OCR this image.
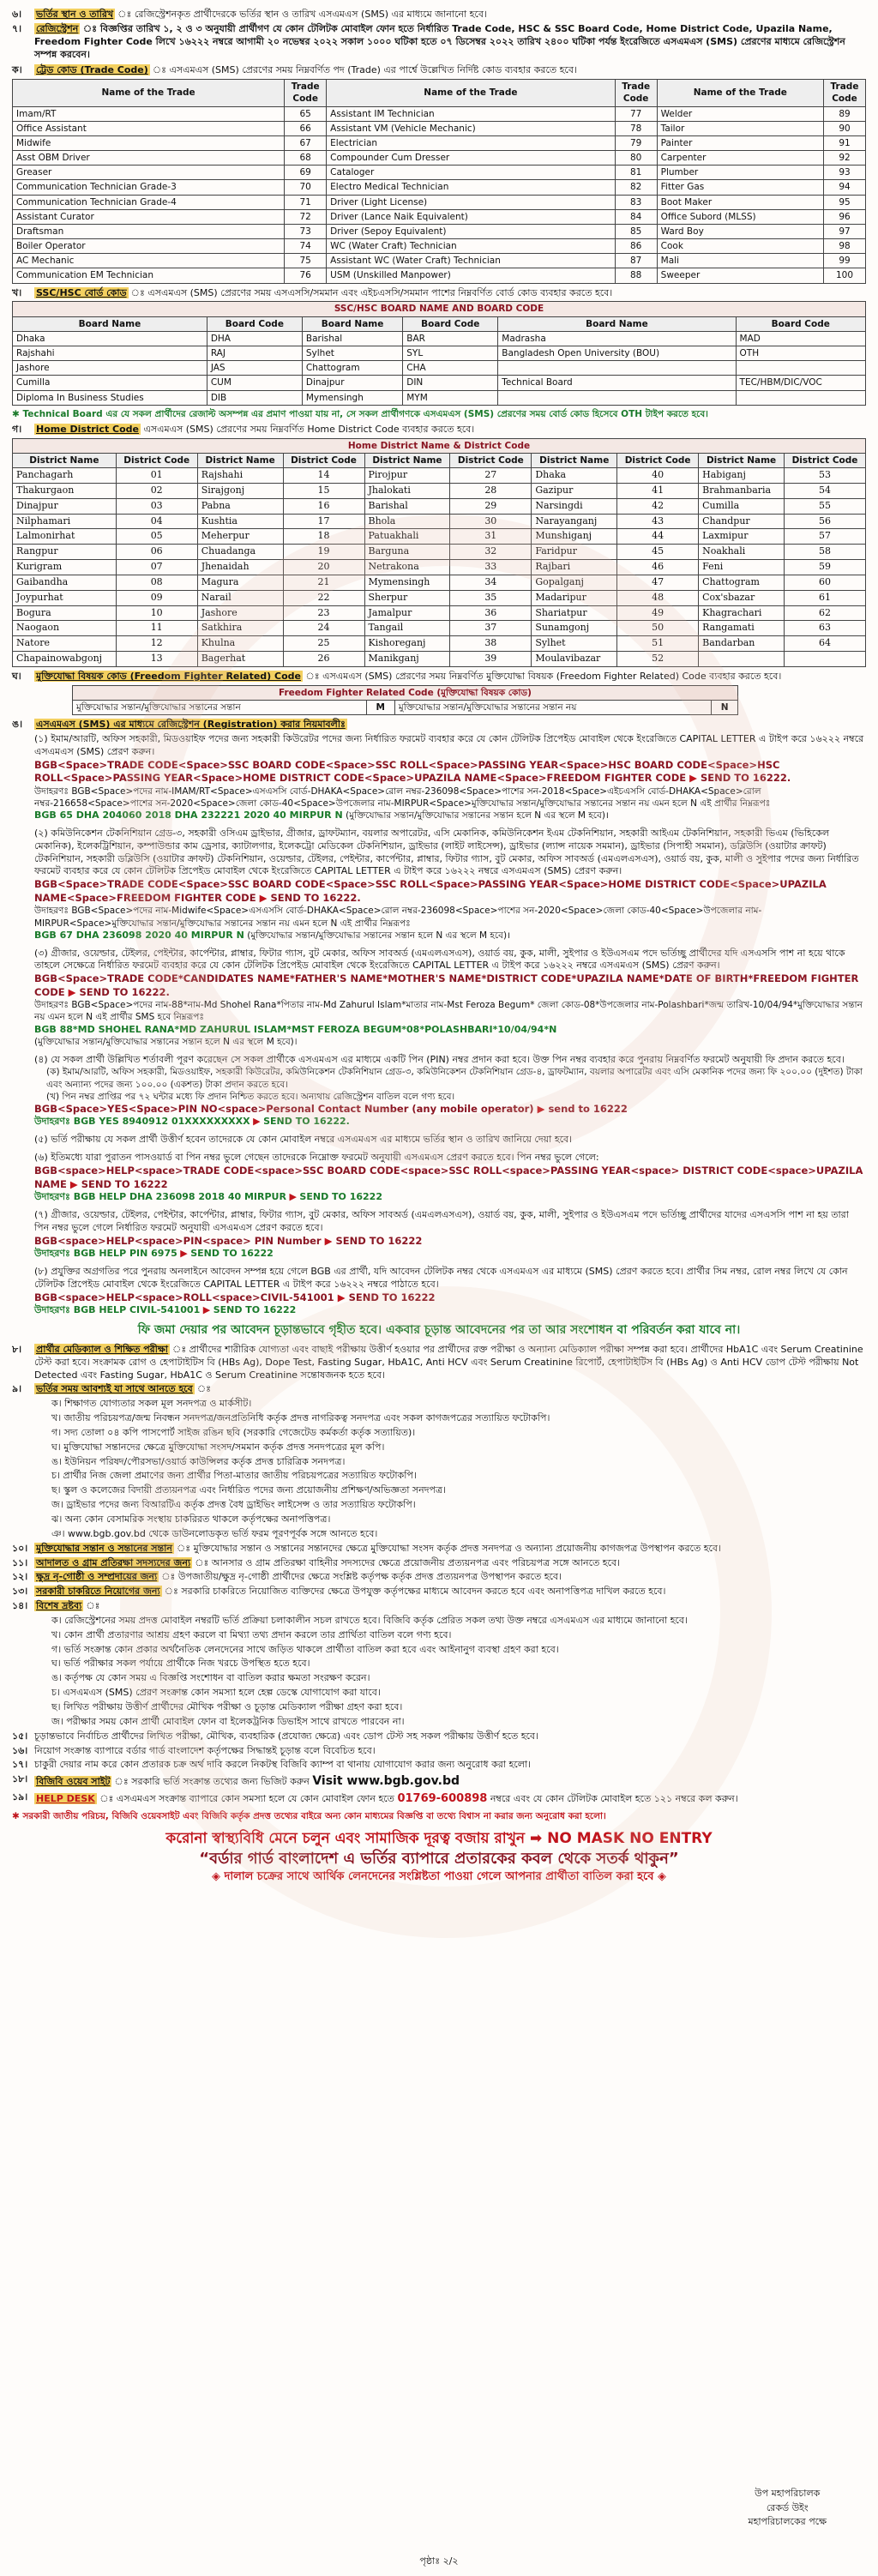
৬।	ভর্তির স্থান ও তারিখ ঃ রেজিস্ট্রেশনকৃত প্রার্থীদেরকে ভর্তির স্থান ও তারিখ এসএমএস (SMS) এর মাধ্যমে জানানো হবে।
৭।	রেজিস্ট্রেশন ঃ বিজ্ঞপ্তির তারিখ ১, ২ ও ৩ অনুযায়ী প্রার্থীগণ যে কোন টেলিটক মোবাইল ফোন হতে নির্ধারিত Trade Code, HSC & SSC Board Code, Home District Code, Upazila Name, Freedom Fighter Code লিখে ১৬২২২ নম্বরে আগামী ২০ নভেম্বর ২০২২ সকাল ১০০০ ঘটিকা হতে ০৭ ডিসেম্বর ২০২২ তারিখ ২৪০০ ঘটিকা পর্যন্ত ইংরেজিতে এসএমএস (SMS) প্রেরণের মাধ্যমে রেজিস্ট্রেশন সম্পন্ন করবেন।
ক।	ট্রেড কোড (Trade Code) ঃ এসএমএস (SMS) প্রেরণের সময় নিম্নবর্ণিত পদ (Trade) এর পার্শ্বে উল্লেখিত নির্দিষ্ট কোড ব্যবহার করতে হবে।
Name of the Trade	Trade Code	Name of the Trade	Trade Code	Name of the Trade	Trade Code
Imam/RT	65	Assistant IM Technician	77	Welder	89
Office Assistant	66	Assistant VM (Vehicle Mechanic)	78	Tailor	90
Midwife	67	Electrician	79	Painter	91
Asst OBM Driver	68	Compounder Cum Dresser	80	Carpenter	92
Greaser	69	Cataloger	81	Plumber	93
Communication Technician Grade-3	70	Electro Medical Technician	82	Fitter Gas	94
Communication Technician Grade-4	71	Driver (Light License)	83	Boot Maker	95
Assistant Curator	72	Driver (Lance Naik Equivalent)	84	Office Subord (MLSS)	96
Draftsman	73	Driver (Sepoy Equivalent)	85	Ward Boy	97
Boiler Operator	74	WC (Water Craft) Technician	86	Cook	98
AC Mechanic	75	Assistant WC (Water Craft) Technician	87	Mali	99
Communication EM Technician	76	USM (Unskilled Manpower)	88	Sweeper	100
খ।	SSC/HSC বোর্ড কোড ঃ এসএমএস (SMS) প্রেরণের সময় এসএসসি/সমমান এবং এইচএসসি/সমমান পাশের নিম্নবর্ণিত বোর্ড কোড ব্যবহার করতে হবে।
SSC/HSC BOARD NAME AND BOARD CODE					
Board Name	Board Code	Board Name	Board Code	Board Name	Board Code
Dhaka	DHA	Barishal	BAR	Madrasha	MAD
Rajshahi	RAJ	Sylhet	SYL	Bangladesh Open University (BOU)	OTH
Jashore	JAS	Chattogram	CHA		
Cumilla	CUM	Dinajpur	DIN	Technical Board	TEC/HBM/DIC/VOC
Diploma In Business Studies	DIB	Mymensingh	MYM		
✱ Technical Board এর যে সকল প্রার্থীদের রেজাল্ট অসম্পন্ন এর প্রমাণ পাওয়া যায় না, সে সকল প্রার্থীগণকে এসএমএস (SMS) প্রেরণের সময় বোর্ড কোড হিসেবে OTH টাইপ করতে হবে।
গ।	Home District Code এসএমএস (SMS) প্রেরণের সময় নিম্নবর্ণিত Home District Code ব্যবহার করতে হবে।
Home District Name & District Code									
District Name	District Code	District Name	District Code	District Name	District Code	District Name	District Code	District Name	District Code
Panchagarh	01	Rajshahi	14	Pirojpur	27	Dhaka	40	Habiganj	53
Thakurgaon	02	Sirajgonj	15	Jhalokati	28	Gazipur	41	Brahmanbaria	54
Dinajpur	03	Pabna	16	Barishal	29	Narsingdi	42	Cumilla	55
Nilphamari	04	Kushtia	17	Bhola	30	Narayanganj	43	Chandpur	56
Lalmonirhat	05	Meherpur	18	Patuakhali	31	Munshiganj	44	Laxmipur	57
Rangpur	06	Chuadanga	19	Barguna	32	Faridpur	45	Noakhali	58
Kurigram	07	Jhenaidah	20	Netrakona	33	Rajbari	46	Feni	59
Gaibandha	08	Magura	21	Mymensingh	34	Gopalganj	47	Chattogram	60
Joypurhat	09	Narail	22	Sherpur	35	Madaripur	48	Cox'sbazar	61
Bogura	10	Jashore	23	Jamalpur	36	Shariatpur	49	Khagrachari	62
Naogaon	11	Satkhira	24	Tangail	37	Sunamgonj	50	Rangamati	63
Natore	12	Khulna	25	Kishoreganj	38	Sylhet	51	Bandarban	64
Chapainowabgonj	13	Bagerhat	26	Manikganj	39	Moulavibazar	52		
ঘ।	মুক্তিযোদ্ধা বিষয়ক কোড (Freedom Fighter Related) Code ঃ এসএমএস (SMS) প্রেরণের সময় নিম্নবর্ণিত মুক্তিযোদ্ধা বিষয়ক (Freedom Fighter Related) Code ব্যবহার করতে হবে।
Freedom Fighter Related Code (মুক্তিযোদ্ধা বিষয়ক কোড)
মুক্তিযোদ্ধার সন্তান/মুক্তিযোদ্ধার সন্তানের সন্তান	M	মুক্তিযোদ্ধার সন্তান/মুক্তিযোদ্ধার সন্তানের সন্তান নয়	N
ঙ।	এসএমএস (SMS) এর মাধ্যমে রেজিস্ট্রেশন (Registration) করার নিয়মাবলীঃ
(১) ইমাম/আরটি, অফিস সহকারী, মিডওয়াইফ পদের জন্য সহকারী কিউরেটর পদের জন্য নির্ধারিত ফরমেট ব্যবহার করে যে কোন টেলিটক প্রিপেইড মোবাইল থেকে ইংরেজিতে CAPITAL LETTER এ টাইপ করে ১৬২২২ নম্বরে এসএমএস (SMS) প্রেরণ করুন।
BGB<Space>TRADE CODE<Space>SSC BOARD CODE<Space>SSC ROLL<Space>PASSING YEAR<Space>HSC BOARD CODE<Space>HSC ROLL<Space>PASSING YEAR<Space>HOME DISTRICT CODE<Space>UPAZILA NAME<Space>FREEDOM FIGHTER CODE ▶ SEND TO 16222.
উদাহরণঃ BGB<Space>পদের নাম-IMAM/RT<Space>এসএসসি বোর্ড-DHAKA<Space>রোল নম্বর-236098<Space>পাশের সন-2018<Space>এইচএসসি বোর্ড-DHAKA<Space>রোল নম্বর-216658<Space>পাশের সন-2020<Space>জেলা কোড-40<Space>উপজেলার নাম-MIRPUR<Space>মুক্তিযোদ্ধার সন্তান/মুক্তিযোদ্ধার সন্তানের সন্তান নয় এমন হলে N এই প্রার্থীর নিম্নরূপঃ
BGB 65 DHA 204060 2018 DHA 232221 2020 40 MIRPUR N (মুক্তিযোদ্ধার সন্তান/মুক্তিযোদ্ধার সন্তানের সন্তান হলে N এর স্থলে M হবে)।
(২) কমিউনিকেশন টেকনিশিয়ান গ্রেড-৩, সহকারী ওসিএম ড্রাইভার, গ্রীজার, ড্রাফটম্যান, বয়লার অপারেটর, এসি মেকানিক, কমিউনিকেশন ইএম টেকনিশিয়ান, সহকারী আইএম টেকনিশিয়ান, সহকারী ভিএম (ভিহিকেল মেকানিক), ইলেকট্রিশিয়ান, কম্পাউন্ডার কাম ড্রেসার, ক্যাটালগার, ইলেকট্রো মেডিকেল টেকনিশিয়ান, ড্রাইভার (লাইট লাইসেন্স), ড্রাইভার (ল্যান্স নায়েক সমমান), ড্রাইভার (সিপাহী সমমান), ডব্লিউসি (ওয়াটার ক্রাফট) টেকনিশিয়ান, সহকারী ডব্লিউসি (ওয়াটার ক্রাফট) টেকনিশিয়ান, ওয়েল্ডার, টেইলর, পেইন্টার, কার্পেন্টার, প্লাম্বার, ফিটার গ্যাস, বুট মেকার, অফিস সাবঅর্ড (এমএলএসএস), ওয়ার্ড বয়, কুক, মালী ও সুইপার পদের জন্য নির্ধারিত ফরমেট ব্যবহার করে যে কোন টেলিটক প্রিপেইড মোবাইল থেকে ইংরেজিতে CAPITAL LETTER এ টাইপ করে ১৬২২২ নম্বরে এসএমএস (SMS) প্রেরণ করুন।
BGB<Space>TRADE CODE<Space>SSC BOARD CODE<Space>SSC ROLL<Space>PASSING YEAR<Space>HOME DISTRICT CODE<Space>UPAZILA NAME<Space>FREEDOM FIGHTER CODE ▶ SEND TO 16222.
উদাহরণঃ BGB<Space>পদের নাম-Midwife<Space>এসএসসি বোর্ড-DHAKA<Space>রোল নম্বর-236098<Space>পাশের সন-2020<Space>জেলা কোড-40<Space>উপজেলার নাম-MIRPUR<Space>মুক্তিযোদ্ধার সন্তান/মুক্তিযোদ্ধার সন্তানের সন্তান নয় এমন হলে N এই প্রার্থীর নিম্নরূপঃ
BGB 67 DHA 236098 2020 40 MIRPUR N (মুক্তিযোদ্ধার সন্তান/মুক্তিযোদ্ধার সন্তানের সন্তান হলে N এর স্থলে M হবে)।
(৩) গ্রীজার, ওয়েল্ডার, টেইলর, পেইন্টার, কার্পেন্টার, প্লাম্বার, ফিটার গ্যাস, বুট মেকার, অফিস সাবঅর্ড (এমএলএসএস), ওয়ার্ড বয়, কুক, মালী, সুইপার ও ইউএসএম পদে ভর্তিচ্ছু প্রার্থীদের যদি এসএসসি পাশ না হয়ে থাকে তাহলে সেক্ষেত্রে নির্ধারিত ফরমেট ব্যবহার করে যে কোন টেলিটক প্রিপেইড মোবাইল থেকে ইংরেজিতে CAPITAL LETTER এ টাইপ করে ১৬২২২ নম্বরে এসএমএস (SMS) প্রেরণ করুন।
BGB<Space>TRADE CODE*CANDIDATES NAME*FATHER'S NAME*MOTHER'S NAME*DISTRICT CODE*UPAZILA NAME*DATE OF BIRTH*FREEDOM FIGHTER CODE ▶ SEND TO 16222.
উদাহরণঃ BGB<Space>পদের নাম-88*নাম-Md Shohel Rana*পিতার নাম-Md Zahurul Islam*মাতার নাম-Mst Feroza Begum* জেলা কোড-08*উপজেলার নাম-Polashbari*জন্ম তারিখ-10/04/94*মুক্তিযোদ্ধার সন্তান নয় এমন হলে N এই প্রার্থীর SMS হবে নিম্নরূপঃ
BGB 88*MD SHOHEL RANA*MD ZAHURUL ISLAM*MST FEROZA BEGUM*08*POLASHBARI*10/04/94*N
(মুক্তিযোদ্ধার সন্তান/মুক্তিযোদ্ধার সন্তানের সন্তান হলে N এর স্থলে M হবে)।
(৪) যে সকল প্রার্থী উল্লিখিত শর্তাবলী পূরণ করেছেন সে সকল প্রার্থীকে এসএমএস এর মাধ্যমে একটি পিন (PIN) নম্বর প্রদান করা হবে। উক্ত পিন নম্বর ব্যবহার করে পুনরায় নিম্নবর্ণিত ফরমেট অনুযায়ী ফি প্রদান করতে হবে।
(ক) ইমাম/আরটি, অফিস সহকারী, মিডওয়াইফ, সহকারী কিউরেটর, কমিউনিকেশন টেকনিশিয়ান গ্রেড-৩, কমিউনিকেশন টেকনিশিয়ান গ্রেড-৪, ড্রাফটম্যান, বয়লার অপারেটর এবং এসি মেকানিক পদের জন্য ফি ২০০.০০ (দুইশত) টাকা এবং অন্যান্য পদের জন্য ১০০.০০ (একশত) টাকা প্রদান করতে হবে।
(খ) পিন নম্বর প্রাপ্তির পর ৭২ ঘন্টার মধ্যে ফি প্রদান নিশ্চিত করতে হবে। অন্যথায় রেজিস্ট্রেশন বাতিল বলে গণ্য হবে।
BGB<Space>YES<Space>PIN NO<space>Personal Contact Number (any mobile operator) ▶ send to 16222
উদাহরণঃ BGB YES 8940912 01XXXXXXXXX ▶ SEND TO 16222.
(৫) ভর্তি পরীক্ষায় যে সকল প্রার্থী উত্তীর্ণ হবেন তাদেরকে যে কোন মোবাইল নম্বরে এসএমএস এর মাধ্যমে ভর্তির স্থান ও তারিখ জানিয়ে দেয়া হবে।
(৬) ইতিমধ্যে যারা পুরাতন পাসওয়ার্ড বা পিন নম্বর ভুলে গেছেন তাদেরকে নিম্নোক্ত ফরমেট অনুযায়ী এসএমএস প্রেরণ করতে হবে। পিন নম্বর ভুলে গেলে:
BGB<space>HELP<space>TRADE CODE<space>SSC BOARD CODE<space>SSC ROLL<space>PASSING YEAR<space> DISTRICT CODE<space>UPAZILA NAME ▶ SEND TO 16222
উদাহরণঃ BGB HELP DHA 236098 2018 40 MIRPUR ▶ SEND TO 16222
(৭) গ্রীজার, ওয়েল্ডার, টেইলর, পেইন্টার, কার্পেন্টার, প্লাম্বার, ফিটার গ্যাস, বুট মেকার, অফিস সাবঅর্ড (এমএলএসএস), ওয়ার্ড বয়, কুক, মালী, সুইপার ও ইউএসএম পদে ভর্তিচ্ছু প্রার্থীদের যাদের এসএসসি পাশ না হয় তারা পিন নম্বর ভুলে গেলে নির্ধারিত ফরমেট অনুযায়ী এসএমএস প্রেরণ করতে হবে।
BGB<space>HELP<space>PIN<space> PIN Number ▶ SEND TO 16222
উদাহরণঃ BGB HELP PIN 6975 ▶ SEND TO 16222
(৮) প্রযুক্তির অগ্রগতির পরে পুনরায় অনলাইনে আবেদন সম্পন্ন হয়ে গেলে BGB এর প্রার্থী, যদি আবেদন টেলিটক নম্বর থেকে এসএমএস এর মাধ্যমে (SMS) প্রেরণ করতে হবে। প্রার্থীর সিম নম্বর, রোল নম্বর লিখে যে কোন টেলিটক প্রিপেইড মোবাইল থেকে ইংরেজিতে CAPITAL LETTER এ টাইপ করে ১৬২২২ নম্বরে পাঠাতে হবে।
BGB<space>HELP<space>ROLL<space>CIVIL-541001 ▶ SEND TO 16222
উদাহরণঃ BGB HELP CIVIL-541001 ▶ SEND TO 16222
ফি জমা দেয়ার পর আবেদন চূড়ান্তভাবে গৃহীত হবে। একবার চূড়ান্ত আবেদনের পর তা আর সংশোধন বা পরিবর্তন করা যাবে না।
৮।	প্রার্থীর মেডিক্যাল ও শিক্ষিত পরীক্ষা ঃ প্রার্থীদের শারীরিক যোগ্যতা এবং বাছাই পরীক্ষায় উত্তীর্ণ হওয়ার পর প্রার্থীদের রক্ত পরীক্ষা ও অন্যান্য মেডিক্যাল পরীক্ষা সম্পন্ন করা হবে। প্রার্থীদের HbA1C এবং Serum Creatinine টেস্ট করা হবে। সংক্রামক রোগ ও হেপাটাইটিস বি (HBs Ag), Dope Test, Fasting Sugar, HbA1C, Anti HCV এবং Serum Creatinine রিপোর্ট, হেপাটাইটিস বি (HBs Ag) ও Anti HCV ডোপ টেস্ট পরীক্ষায় Not Detected এবং Fasting Sugar, HbA1C ও Serum Creatinine সন্তোষজনক হতে হবে।
৯।	ভর্তির সময় আবশ্যই যা সাথে আনতে হবে
ক। শিক্ষাগত যোগ্যতার সকল মূল সনদপত্র ও মার্কসীট।
খ। জাতীয় পরিচয়পত্র/জন্ম নিবন্ধন সনদপত্র/জনপ্রতিনিধি কর্তৃক প্রদত্ত নাগরিকত্ব সনদপত্র এবং সকল কাগজপত্রের সত্যায়িত ফটোকপি।
গ। সদ্য তোলা ০৪ কপি পাসপোর্ট সাইজ রঙিন ছবি (সরকারি গেজেটেড কর্মকর্তা কর্তৃক সত্যায়িত)।
ঘ। মুক্তিযোদ্ধা সন্তানদের ক্ষেত্রে মুক্তিযোদ্ধা সংসদ/সমমান কর্তৃক প্রদত্ত সনদপত্রের মূল কপি।
ঙ। ইউনিয়ন পরিষদ/পৌরসভা/ওয়ার্ড কাউন্সিলর কর্তৃক প্রদত্ত চারিত্রিক সনদপত্র।
চ। প্রার্থীর নিজ জেলা প্রমাণের জন্য প্রার্থীর পিতা-মাতার জাতীয় পরিচয়পত্রের সত্যায়িত ফটোকপি।
ছ। স্কুল ও কলেজের বিদায়ী প্রত্যয়নপত্র এবং নির্ধারিত পদের জন্য প্রয়োজনীয় প্রশিক্ষণ/অভিজ্ঞতা সনদপত্র।
জ। ড্রাইভার পদের জন্য বিআরটিএ কর্তৃক প্রদত্ত বৈধ ড্রাইভিং লাইসেন্স ও তার সত্যায়িত ফটোকপি।
ঝ। অন্য কোন বেসামরিক সংস্থায় চাকরিরত থাকলে কর্তৃপক্ষের অনাপত্তিপত্র।
ঞ। www.bgb.gov.bd থেকে ডাউনলোডকৃত ভর্তি ফরম পূরণপূর্বক সঙ্গে আনতে হবে।
১০। মুক্তিযোদ্ধার সন্তান ও সন্তানের সন্তান ঃ মুক্তিযোদ্ধার সন্তান ও সন্তানের সন্তানদের ক্ষেত্রে মুক্তিযোদ্ধা সংসদ কর্তৃক প্রদত্ত সনদপত্র ও অন্যান্য প্রয়োজনীয় কাগজপত্র উপস্থাপন করতে হবে।
১১। আদালত ও গ্রাম প্রতিরক্ষা সদস্যদের জন্য ঃ আনসার ও গ্রাম প্রতিরক্ষা বাহিনীর সদস্যদের ক্ষেত্রে প্রয়োজনীয় প্রত্যয়নপত্র এবং পরিচয়পত্র সঙ্গে আনতে হবে।
১২। ক্ষুদ্র নৃ-গোষ্ঠী ও সম্প্রদায়ের জন্য ঃ উপজাতীয়/ক্ষুদ্র নৃ-গোষ্ঠী প্রার্থীদের ক্ষেত্রে সংশ্লিষ্ট কর্তৃপক্ষ কর্তৃক প্রদত্ত প্রত্যয়নপত্র উপস্থাপন করতে হবে।
১৩। সরকারী চাকরিতে নিয়োগের জন্য ঃ সরকারি চাকরিতে নিয়োজিত ব্যক্তিদের ক্ষেত্রে উপযুক্ত কর্তৃপক্ষের মাধ্যমে আবেদন করতে হবে এবং অনাপত্তিপত্র দাখিল করতে হবে।
১৪। বিশেষ দ্রষ্টব্য
ক। রেজিস্ট্রেশনের সময় প্রদত্ত মোবাইল নম্বরটি ভর্তি প্রক্রিয়া চলাকালীন সচল রাখতে হবে। বিজিবি কর্তৃক প্রেরিত সকল তথ্য উক্ত নম্বরে এসএমএস এর মাধ্যমে জানানো হবে।
খ। কোন প্রার্থী প্রতারণার আশ্রয় গ্রহণ করলে বা মিথ্যা তথ্য প্রদান করলে তার প্রার্থিতা বাতিল বলে গণ্য হবে।
গ। ভর্তি সংক্রান্ত কোন প্রকার অর্থনৈতিক লেনদেনের সাথে জড়িত থাকলে প্রার্থীতা বাতিল করা হবে এবং আইনানুগ ব্যবস্থা গ্রহণ করা হবে।
ঘ। ভর্তি পরীক্ষার সকল পর্যায়ে প্রার্থীকে নিজ খরচে উপস্থিত হতে হবে।
ঙ। কর্তৃপক্ষ যে কোন সময় এ বিজ্ঞপ্তি সংশোধন বা বাতিল করার ক্ষমতা সংরক্ষণ করেন।
চ। এসএমএস (SMS) প্রেরণ সংক্রান্ত কোন সমস্যা হলে হেল্প ডেস্কে যোগাযোগ করা যাবে।
ছ। লিখিত পরীক্ষায় উত্তীর্ণ প্রার্থীদের মৌখিক পরীক্ষা ও চূড়ান্ত মেডিক্যাল পরীক্ষা গ্রহণ করা হবে।
জ। পরীক্ষার সময় কোন প্রার্থী মোবাইল ফোন বা ইলেকট্রনিক ডিভাইস সাথে রাখতে পারবেন না।
১৫। চূড়ান্তভাবে নির্বাচিত প্রার্থীদের লিখিত পরীক্ষা, মৌখিক, ব্যবহারিক (প্রযোজ্য ক্ষেত্রে) এবং ডোপ টেস্ট সহ সকল পরীক্ষায় উত্তীর্ণ হতে হবে।
১৬। নিয়োগ সংক্রান্ত ব্যাপারে বর্ডার গার্ড বাংলাদেশ কর্তৃপক্ষের সিদ্ধান্তই চূড়ান্ত বলে বিবেচিত হবে।
১৭। চাকুরী দেয়ার নাম করে কোন প্রতারক চক্র অর্থ দাবি করলে নিকটস্থ বিজিবি ক্যাম্প বা থানায় যোগাযোগ করার জন্য অনুরোধ করা হলো।
১৮। বিজিবি ওয়েব সাইট ঃ সরকারি ভর্তি সংক্রান্ত তথ্যের জন্য ভিজিট করুন Visit www.bgb.gov.bd
১৯। HELP DESK ঃ এসএমএস সংক্রান্ত ব্যাপারে কোন সমস্যা হলে যে কোন মোবাইল ফোন হতে 01769-600898 নম্বরে এবং যে কোন টেলিটক মোবাইল হতে ১২১ নম্বরে কল করুন।
✱ সরকারী জাতীয় পরিচয়, বিজিবি ওয়েবসাইট এবং বিজিবি কর্তৃক প্রদত্ত তথ্যের বাইরে অন্য কোন মাধ্যমের বিজ্ঞপ্তি বা তথ্যে বিশ্বাস না করার জন্য অনুরোধ করা হলো।
করোনা স্বাস্থ্যবিধি মেনে চলুন এবং সামাজিক দূরত্ব বজায় রাখুন ➡ NO MASK NO ENTRY
“বর্ডার গার্ড বাংলাদেশ এ ভর্তির ব্যাপারে প্রতারকের কবল থেকে সতর্ক থাকুন”
◈ দালাল চক্রের সাথে আর্থিক লেনদেনের সংশ্লিষ্টতা পাওয়া গেলে আপনার প্রার্থীতা বাতিল করা হবে ◈
উপ মহাপরিচালক
রেকর্ড উইং
মহাপরিচালকের পক্ষে
পৃষ্ঠাঃ ২/২
